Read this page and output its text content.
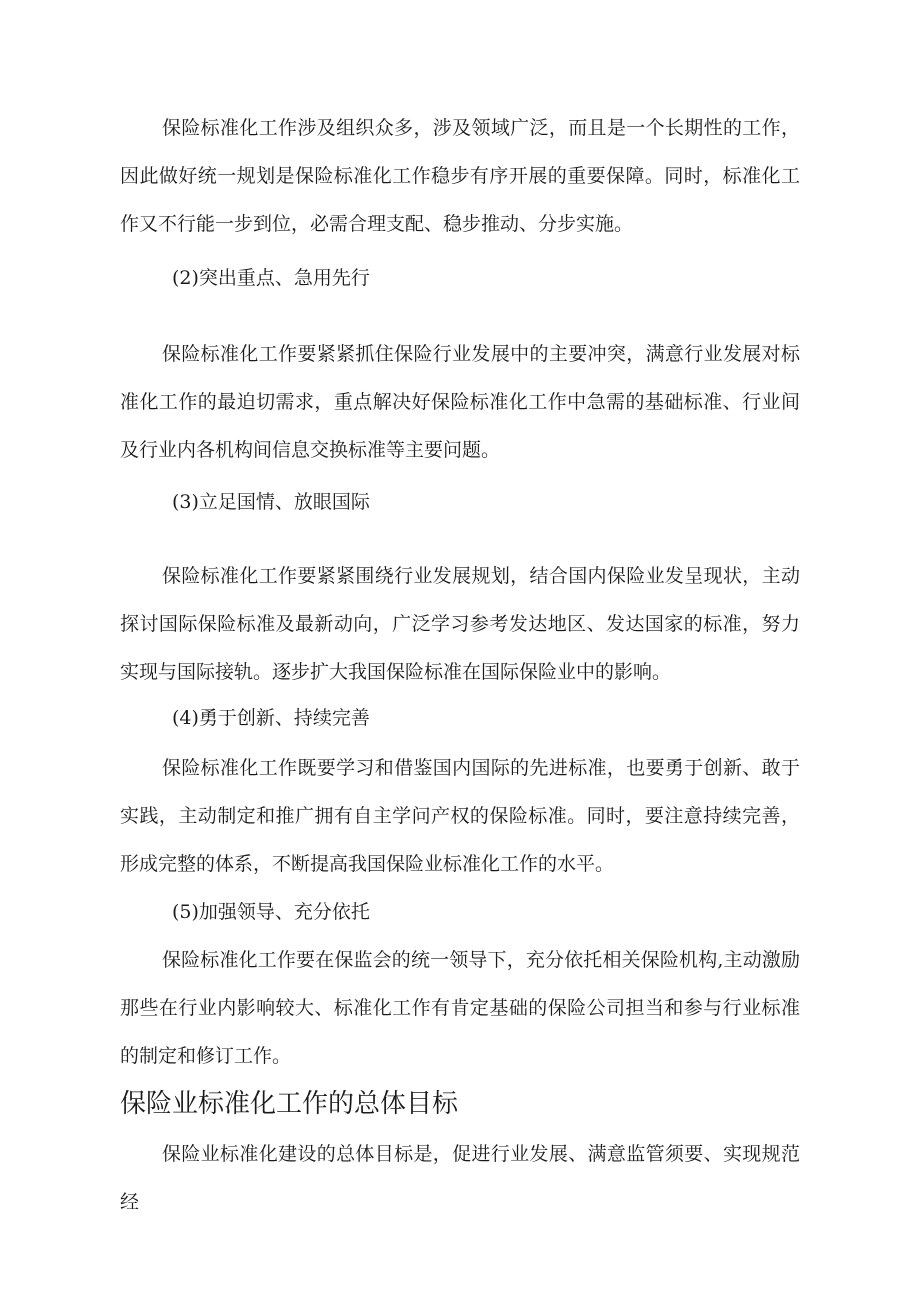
保险标准化工作涉及组织众多，涉及领域广泛，而且是一个长期性的工作，因此做好统一规划是保险标准化工作稳步有序开展的重要保障。同时，标准化工作又不行能一步到位，必需合理支配、稳步推动、分步实施。

(2)突出重点、急用先行

保险标准化工作要紧紧抓住保险行业发展中的主要冲突，满意行业发展对标准化工作的最迫切需求，重点解决好保险标准化工作中急需的基础标准、行业间及行业内各机构间信息交换标准等主要问题。

(3)立足国情、放眼国际

保险标准化工作要紧紧围绕行业发展规划，结合国内保险业发呈现状，主动探讨国际保险标准及最新动向，广泛学习参考发达地区、发达国家的标准，努力实现与国际接轨。逐步扩大我国保险标准在国际保险业中的影响。

(4)勇于创新、持续完善

保险标准化工作既要学习和借鉴国内国际的先进标准，也要勇于创新、敢于实践，主动制定和推广拥有自主学问产权的保险标准。同时，要注意持续完善，形成完整的体系，不断提高我国保险业标准化工作的水平。

(5)加强领导、充分依托

保险标准化工作要在保监会的统一领导下，充分依托相关保险机构,主动激励那些在行业内影响较大、标准化工作有肯定基础的保险公司担当和参与行业标准的制定和修订工作。

保险业标准化工作的总体目标

保险业标准化建设的总体目标是，促进行业发展、满意监管须要、实现规范经
